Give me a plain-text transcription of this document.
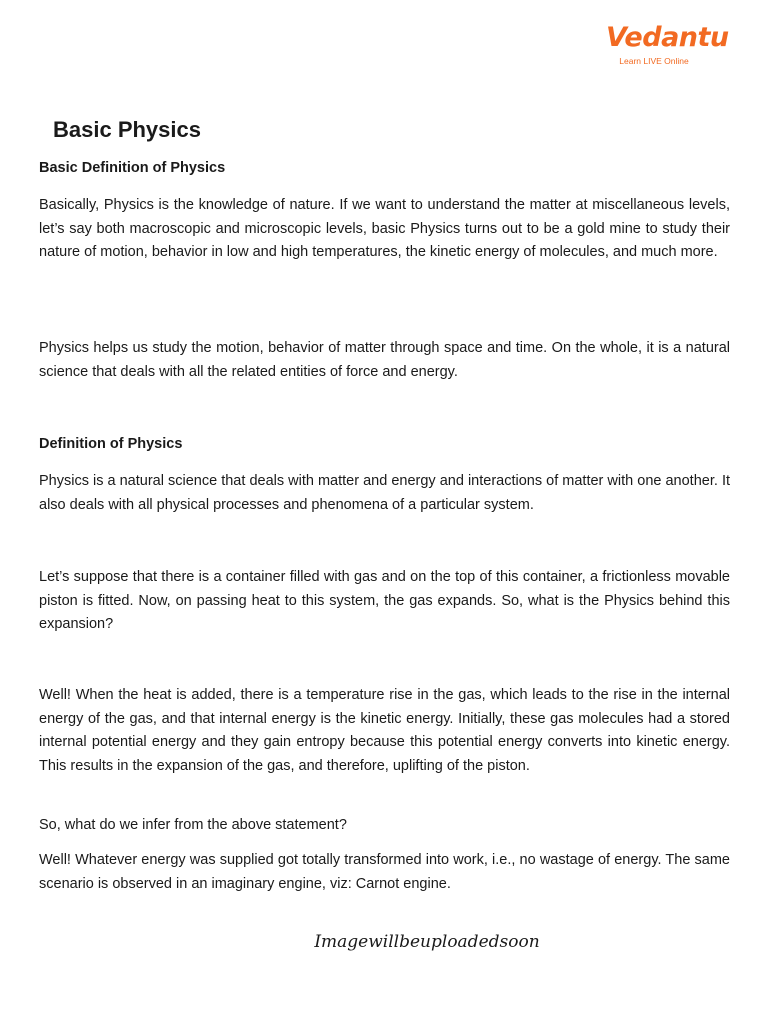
Vedantu
Learn LIVE Online
Basic Physics
Basic Definition of Physics

Basically, Physics is the knowledge of nature. If we want to understand the matter at miscellaneous levels, let’s say both macroscopic and microscopic levels, basic Physics turns out to be a gold mine to study their nature of motion, behavior in low and high temperatures, the kinetic energy of molecules, and much more.

Physics helps us study the motion, behavior of matter through space and time. On the whole, it is a natural science that deals with all the related entities of force and energy.

Definition of Physics

Physics is a natural science that deals with matter and energy and interactions of matter with one another. It also deals with all physical processes and phenomena of a particular system.

Let’s suppose that there is a container filled with gas and on the top of this container, a frictionless movable piston is fitted. Now, on passing heat to this system, the gas expands. So, what is the Physics behind this expansion?

Well! When the heat is added, there is a temperature rise in the gas, which leads to the rise in the internal energy of the gas, and that internal energy is the kinetic energy. Initially, these gas molecules had a stored internal potential energy and they gain entropy because this potential energy converts into kinetic energy. This results in the expansion of the gas, and therefore, uplifting of the piston.

So, what do we infer from the above statement?

Well! Whatever energy was supplied got totally transformed into work, i.e., no wastage of energy. The same scenario is observed in an imaginary engine, viz: Carnot engine.

Imagewillbeuploadedsoon
